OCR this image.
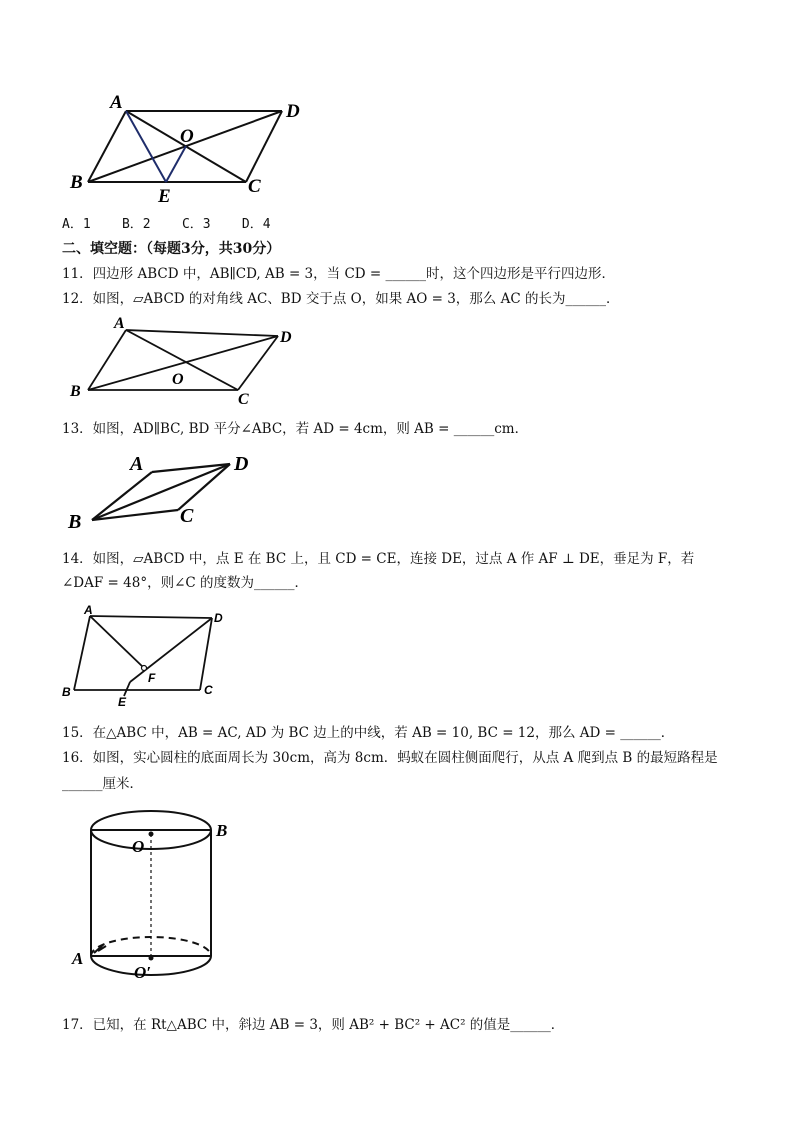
A	D
O
B
E	C
A．1 B．2 C．3 D．4
二、填空题：（每题3分，共30分）
11．四边形 ABCD 中，AB∥CD, AB = 3，当 CD = ______时，这个四边形是平行四边形．
12．如图，▱ABCD 的对角线 AC、BD 交于点 O，如果 AO = 3，那么 AC 的长为______．
A
D
O
B	C
13．如图，AD∥BC, BD 平分∠ABC，若 AD = 4cm，则 AB = ______cm．
A	D
B	C
14．如图，▱ABCD 中，点 E 在 BC 上，且 CD = CE，连接 DE，过点 A 作 AF ⊥ DE，垂足为 F，若
∠DAF = 48°，则∠C 的度数为______．
A
D
F
B
E
C
15．在△ABC 中，AB = AC, AD 为 BC 边上的中线，若 AB = 10, BC = 12，那么 AD = ______．
16．如图，实心圆柱的底面周长为 30cm，高为 8cm．蚂蚁在圆柱侧面爬行，从点 A 爬到点 B 的最短路程是
______厘米．
B
O
A
O′
17．已知，在 Rt△ABC 中，斜边 AB = 3，则 AB² + BC² + AC² 的值是______．
